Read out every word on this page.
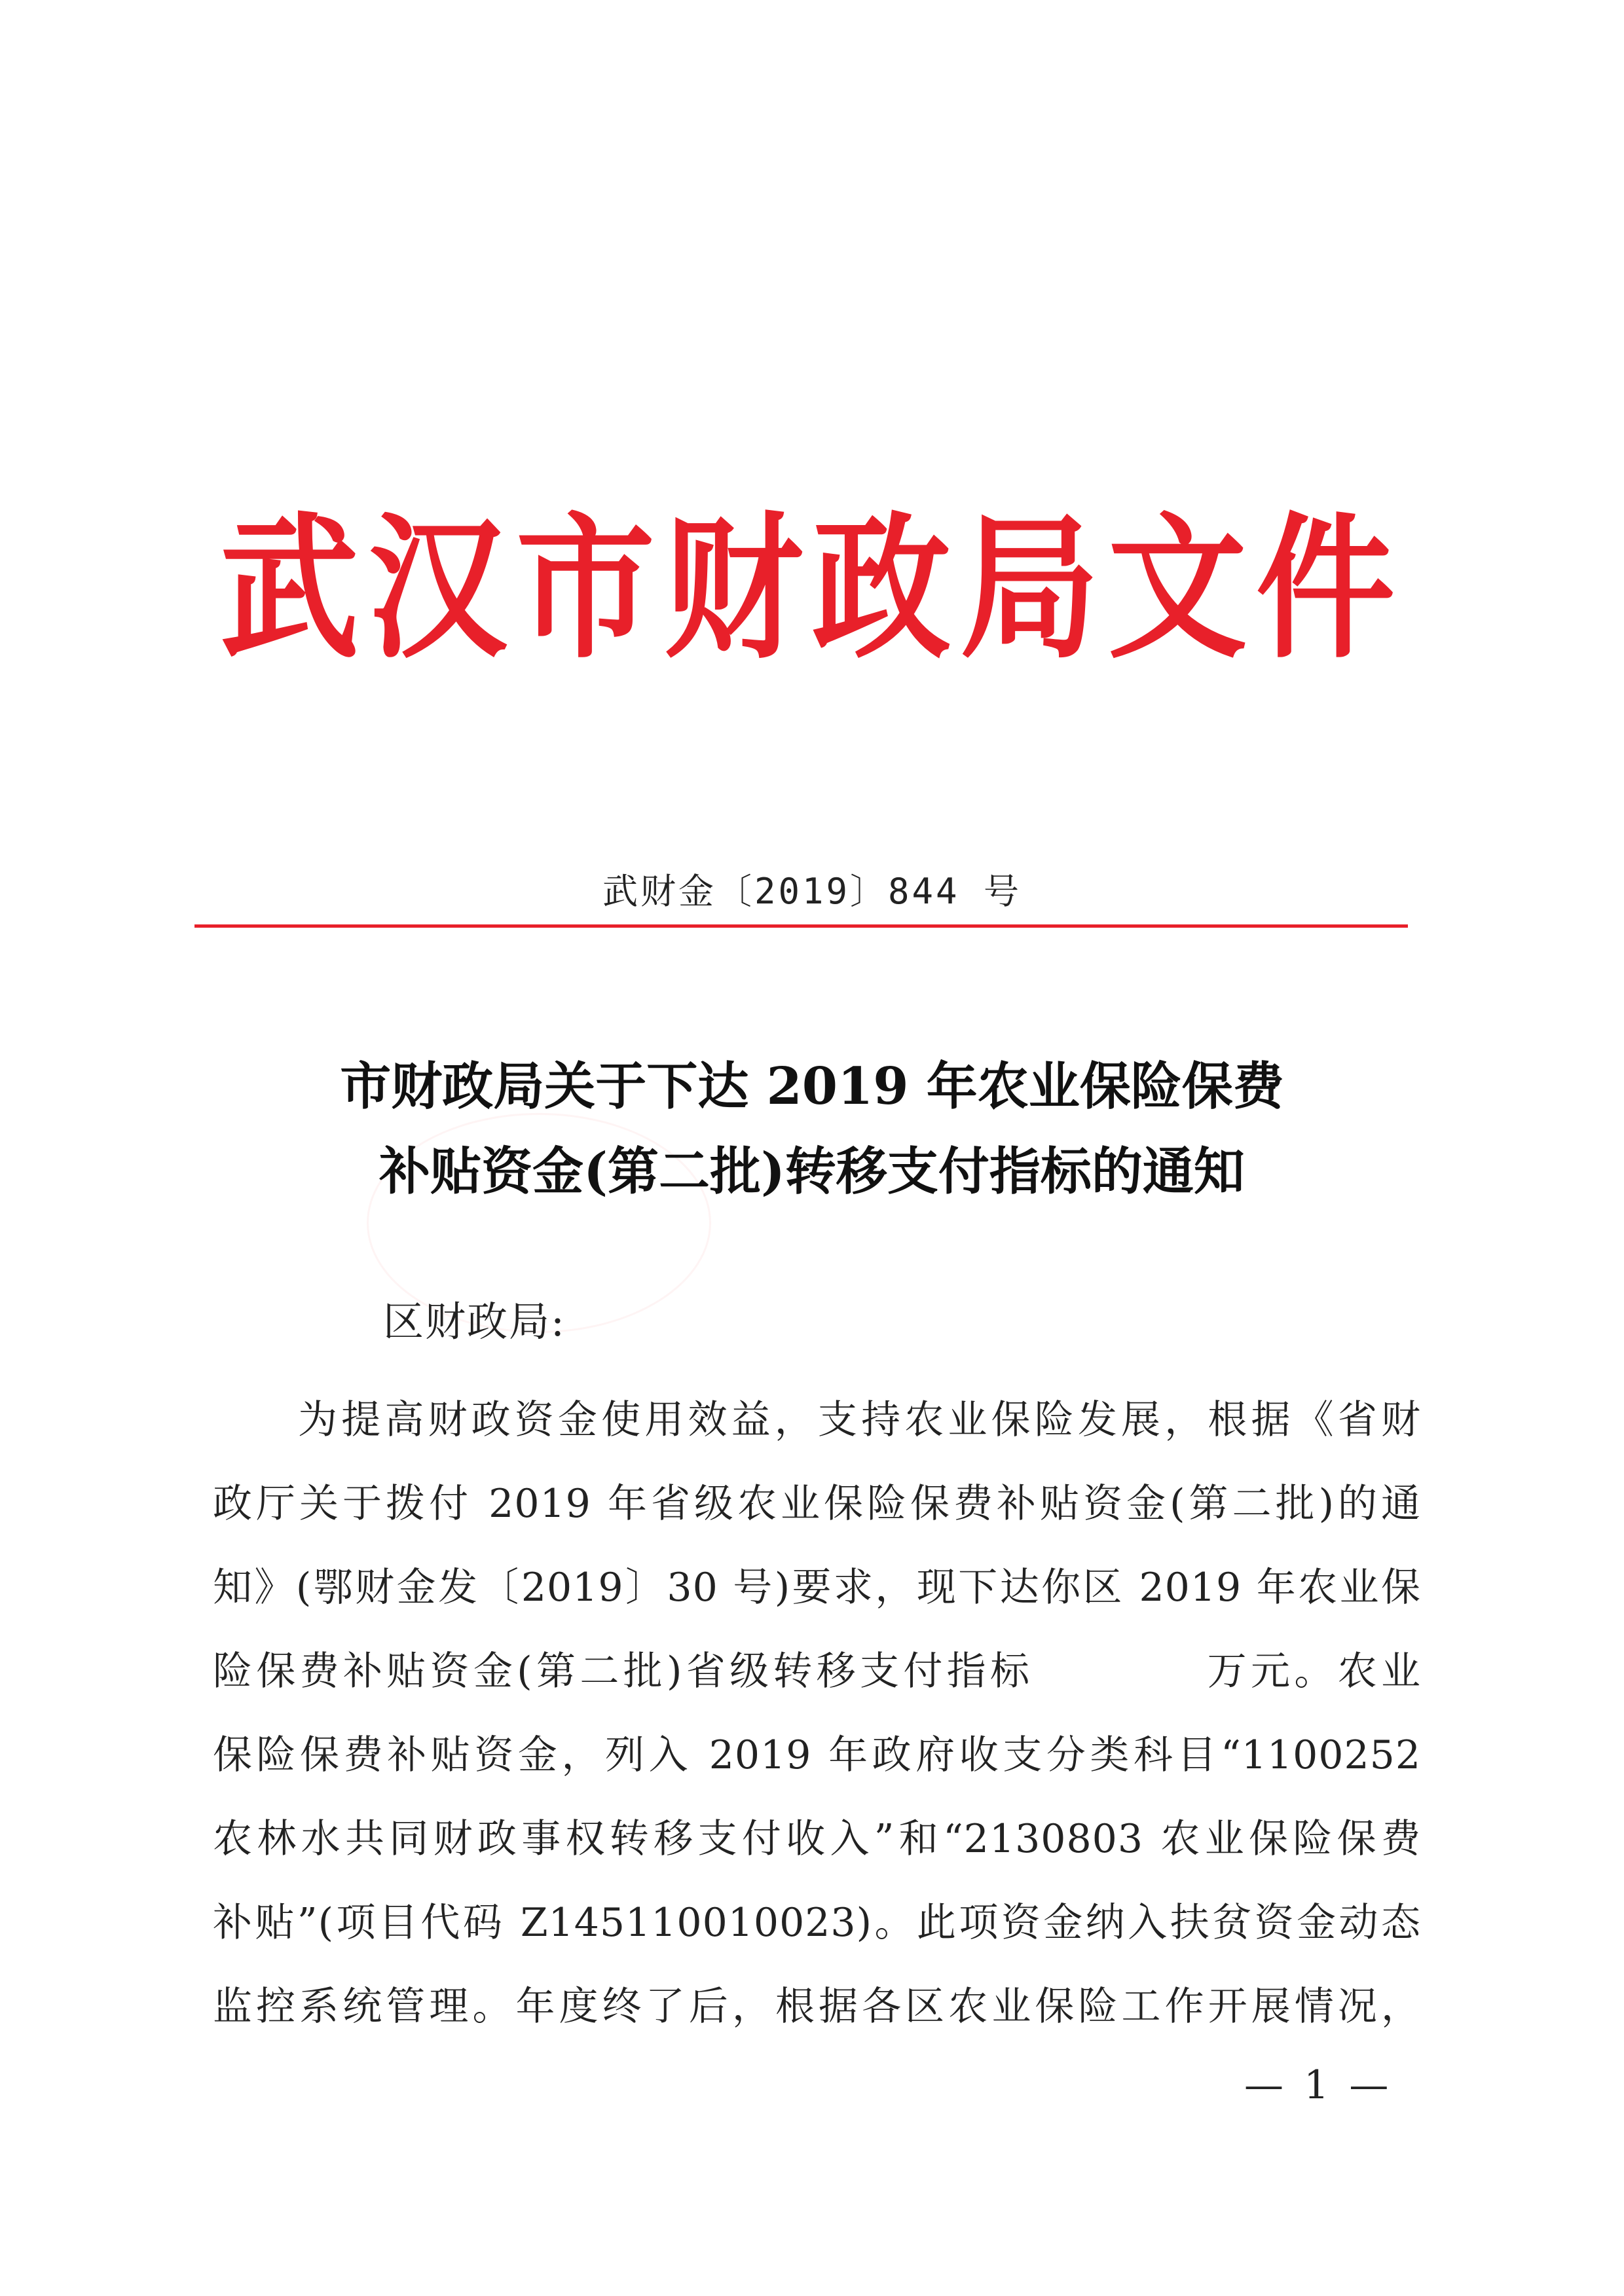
武汉市财政局文件
武财金〔2019〕844 号
市财政局关于下达 2019 年农业保险保费
补贴资金(第二批)转移支付指标的通知
区财政局:
为提高财政资金使用效益，支持农业保险发展，根据《省财
政厅关于拨付 2019 年省级农业保险保费补贴资金(第二批)的通
知》(鄂财金发〔2019〕30 号)要求，现下达你区 2019 年农业保
险保费补贴资金(第二批)省级转移支付指标　　　　万元。农业
保险保费补贴资金，列入 2019 年政府收支分类科目“1100252
农林水共同财政事权转移支付收入”和“2130803 农业保险保费
补贴”(项目代码 Z145110010023)。此项资金纳入扶贫资金动态
监控系统管理。年度终了后，根据各区农业保险工作开展情况，
— 1 —
